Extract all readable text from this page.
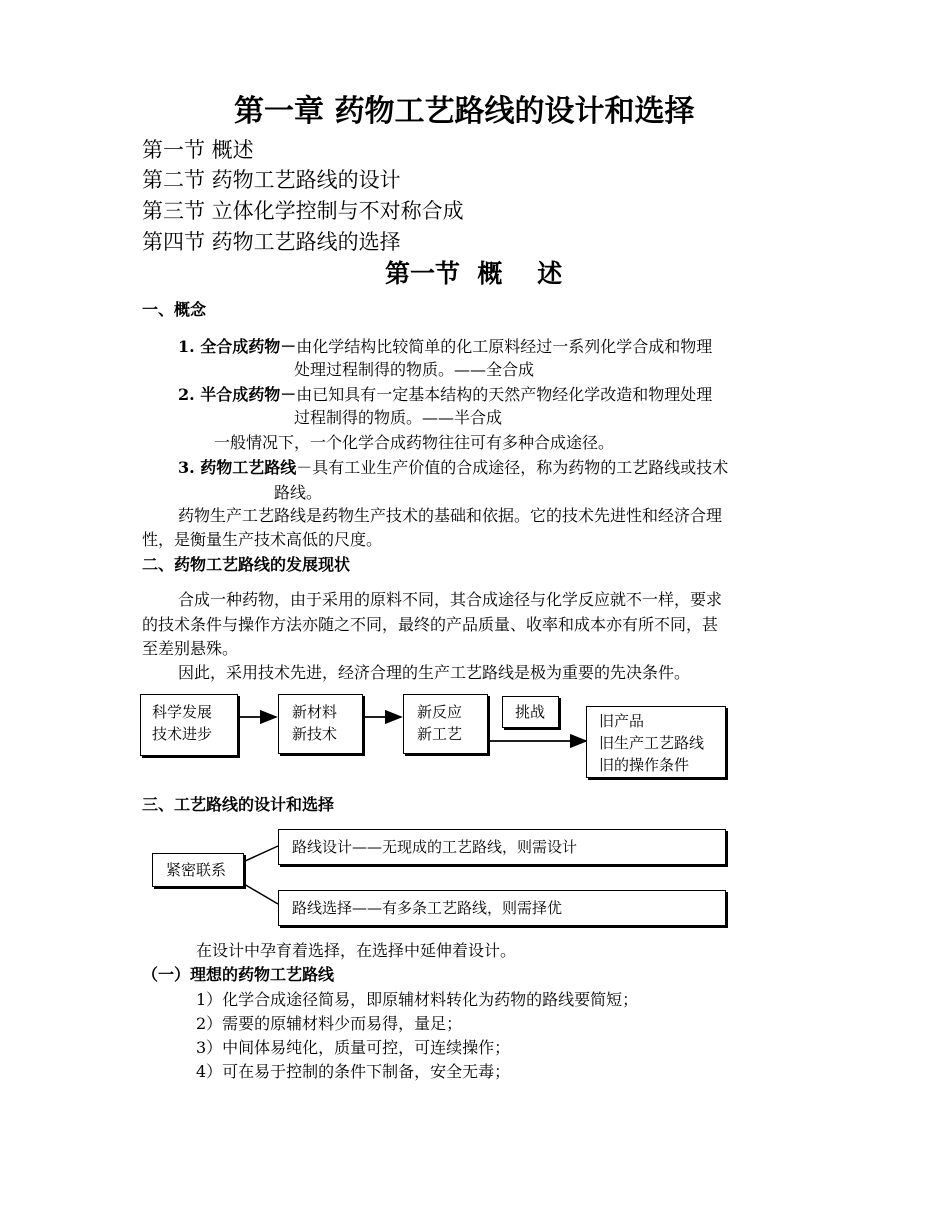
第一章 药物工艺路线的设计和选择
第一节 概述
第二节 药物工艺路线的设计
第三节 立体化学控制与不对称合成
第四节 药物工艺路线的选择
第一节  概    述
一、概念
1. 全合成药物－由化学结构比较简单的化工原料经过一系列化学合成和物理
处理过程制得的物质。——全合成
2. 半合成药物－由已知具有一定基本结构的天然产物经化学改造和物理处理
过程制得的物质。——半合成
一般情况下，一个化学合成药物往往可有多种合成途径。
3. 药物工艺路线－具有工业生产价值的合成途径，称为药物的工艺路线或技术
路线。
药物生产工艺路线是药物生产技术的基础和依据。它的技术先进性和经济合理
性，是衡量生产技术高低的尺度。
二、药物工艺路线的发展现状
合成一种药物，由于采用的原料不同，其合成途径与化学反应就不一样，要求
的技术条件与操作方法亦随之不同，最终的产品质量、收率和成本亦有所不同，甚
至差别悬殊。
因此，采用技术先进，经济合理的生产工艺路线是极为重要的先决条件。
科学发展
技术进步
新材料
新技术
新反应
新工艺
挑战	旧产品
旧生产工艺路线
旧的操作条件
三、工艺路线的设计和选择
紧密联系
路线设计——无现成的工艺路线，则需设计
路线选择——有多条工艺路线，则需择优
在设计中孕育着选择，在选择中延伸着设计。
（一）理想的药物工艺路线
1）化学合成途径简易，即原辅材料转化为药物的路线要简短；
2）需要的原辅材料少而易得，量足；
3）中间体易纯化，质量可控，可连续操作；
4）可在易于控制的条件下制备，安全无毒；
